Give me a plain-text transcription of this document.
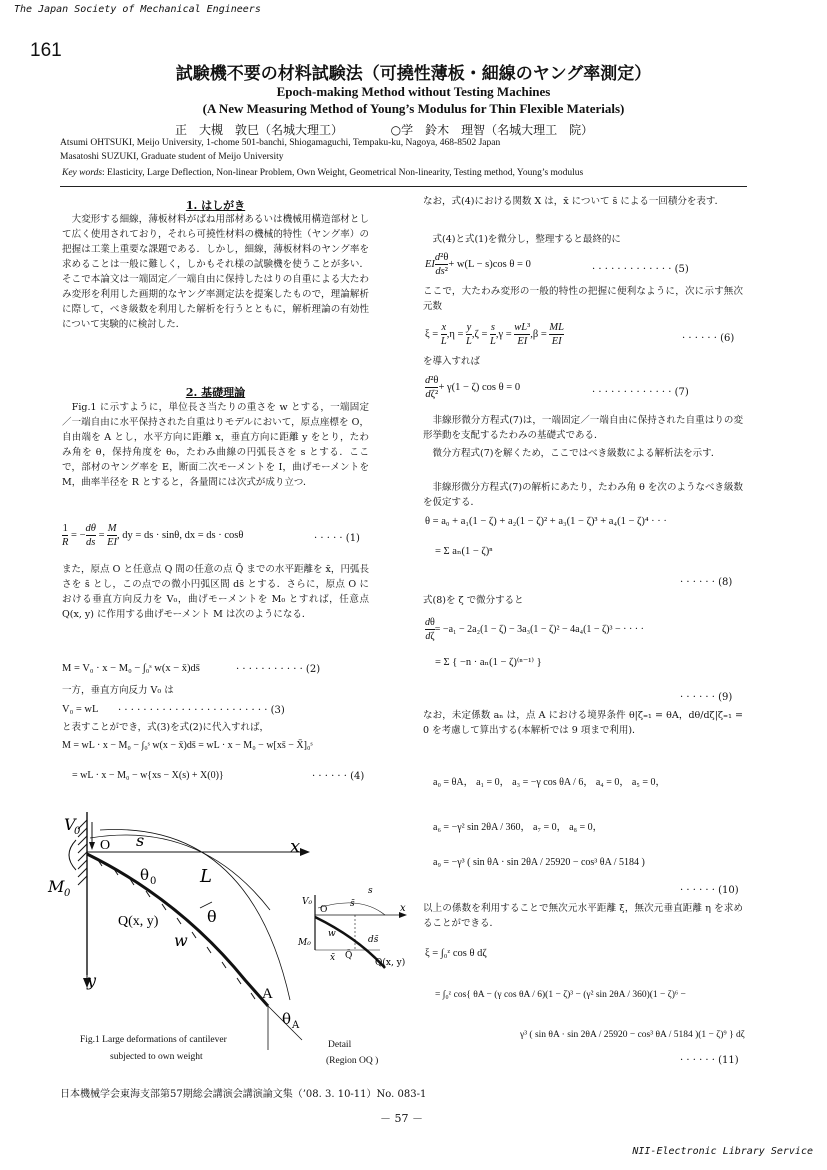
The Japan Society of Mechanical Engineers
161
試験機不要の材料試験法（可撓性薄板・細線のヤング率測定）
Epoch-making Method without Testing Machines
(A New Measuring Method of Young’s Modulus for Thin Flexible Materials)
正　大槻　敦巳（名城大理工）	○学　鈴木　理智（名城大理工　院）
Atsumi OHTSUKI, Meijo University, 1-chome 501-banchi, Shiogamaguchi, Tempaku-ku, Nagoya, 468-8502 Japan
Masatoshi SUZUKI, Graduate student of Meijo University
Key words: Elasticity, Large Deflection, Non-linear Problem, Own Weight, Geometrical Non-linearity, Testing method, Young’s modulus
1. はしがき
　大変形する細線，薄板材料がばね用部材あるいは機械用構造部材として広く使用されており，それら可撓性材料の機械的特性（ヤング率）の把握は工業上重要な課題である．しかし，細線，薄板材料のヤング率を求めることは一般に難しく，しかもそれ様の試験機を使うことが多い．そこで本論文は一端固定／一端自由に保持したはりの自重による大たわみ変形を利用した画期的なヤング率測定法を提案したもので，理論解析に際して，べき級数を利用した解析を行うとともに，解析理論の有効性について実験的に検討した．
2. 基礎理論
　Fig.1 に示すように，単位長さ当たりの重さを w とする，一端固定／一端自由に水平保持された自重はりモデルにおいて，原点座標を O，自由端を A とし，水平方向に距離 x，垂直方向に距離 y をとり，たわみ角を θ，保持角度を θ₀，たわみ曲線の円弧長さを s とする．ここで，部材のヤング率を E，断面二次モーメントを I，曲げモーメントを M，曲率半径を R とすると，各量間には次式が成り立つ．
$\frac{1}{R}$ = − $\frac{d\theta}{ds} = \frac{M}{EI}$ , dy = ds · sinθ, dx = ds · cosθ	· · · · · (1)
また，原点 O と任意点 Q 間の任意の点 Q̄ までの水平距離を x̄，円弧長さを s̄ とし，この点での微小円弧区間 ds̄ とする．さらに，原点 O における垂直方向反力を V₀，曲げモーメントを M₀ とすれば，任意点 Q(x, y) に作用する曲げモーメント M は次のようになる．
M = V₀ · x − M₀ − ∫₀ˢ w(x − x̄)ds̄	· · · · · · · · · · · (2)
一方，垂直方向反力 V₀ は
V₀ = wL · · · · · · · · · · · · · · · · · · · · · · · · (3)
と表すことができ，式(3)を式(2)に代入すれば，
M = wL · x − M₀ − ∫₀ˢ w(x − x̄)ds̄ = wL · x − M₀ − w[xs̄ − X̄]₀ˢ
= wL · x − M₀ − w{xs − X(s) + X(0)}	· · · · · · (4)
V
0
O s	x
L
M 0
θ 0
Q(x, y)	θ
w
y
A
θ A
s
s̄	x
w
x̄ Q̄
ds̄
Q(x, y)
V₀
M₀
O
Fig.1 Large deformations of cantilever
subjected to own weight
Detail
(Region OQ )
なお，式(4)における関数 X は，x̄ について s̄ による一回積分を表す．
　式(4)と式(1)を微分し，整理すると最終的に
EI $\frac{\text{d²θ}}{\text{ds²}} + w(L - s)\cos$ θ = 0	· · · · · · · · · · · · · (5)
ここで，大たわみ変形の一般的特性の把握に便利なように，次に示す無次元数
$\xi = \frac{x}{L} ,\eta = \frac{y}{L} ,\zeta = \frac{s}{L} ,\gamma = \frac{\text{wL³}}{EI} ,\beta = \frac{ML}{EI}$	· · · · · · (6)
を導入すれば
$\frac{\text{d²θ}}{\text{dζ²}} + \gamma(1 - \zeta)$ cos θ = 0	· · · · · · · · · · · · · (7)
　非線形微分方程式(7)は，一端固定／一端自由に保持された自重はりの変形挙動を支配するたわみの基礎式である．
　微分方程式(7)を解くため，ここではべき級数による解析法を示す．
　非線形微分方程式(7)の解析にあたり，たわみ角 θ を次のようなべき級数を仮定する．
θ = a₀ + a₁(1 − ζ) + a₂(1 − ζ)² + a₃(1 − ζ)³ + a₄(1 − ζ)⁴ · · ·
= Σ aₙ(1 − ζ)ⁿ
· · · · · · (8)
式(8)を ζ で微分すると
$\frac{d\theta}{d\zeta} = -a_1 - 2a_2(1 - \zeta) - 3a_3(1 - \zeta)^2 - 4a_4(1 - \zeta)^3$ − · · · ·
= Σ { −n · aₙ(1 − ζ)⁽ⁿ⁻¹⁾ }
· · · · · · (9)
なお，未定係数 aₙ は，点 A における境界条件 θ|ζ₌₁ = θA，dθ/dζ|ζ₌₁ = 0 を考慮して算出する(本解析では 9 項まで利用)．
a₀ = θA， a₁ = 0， a₃ = −γ cos θA / 6， a₄ = 0， a₅ = 0，
a₆ = −γ² sin 2θA / 360， a₇ = 0， a₈ = 0，
a₉ = −γ³ ( sin θA · sin 2θA / 25920 − cos³ θA / 5184 )
· · · · · · (10)
以上の係数を利用することで無次元水平距離 ξ，無次元垂直距離 η を求めることができる．
ξ = ∫₀ᶻ cos θ dζ
= ∫₀ᶻ cos{ θA − (γ cos θA / 6)(1 − ζ)³ − (γ² sin 2θA / 360)(1 − ζ)⁶ −
γ³ ( sin θA · sin 2θA / 25920 − cos³ θA / 5184 )(1 − ζ)⁹ } dζ
· · · · · · (11)
日本機械学会東海支部第57期総会講演会講演論文集（’08. 3. 10-11）No. 083-1
－ 57 －
NII-Electronic Library Service
